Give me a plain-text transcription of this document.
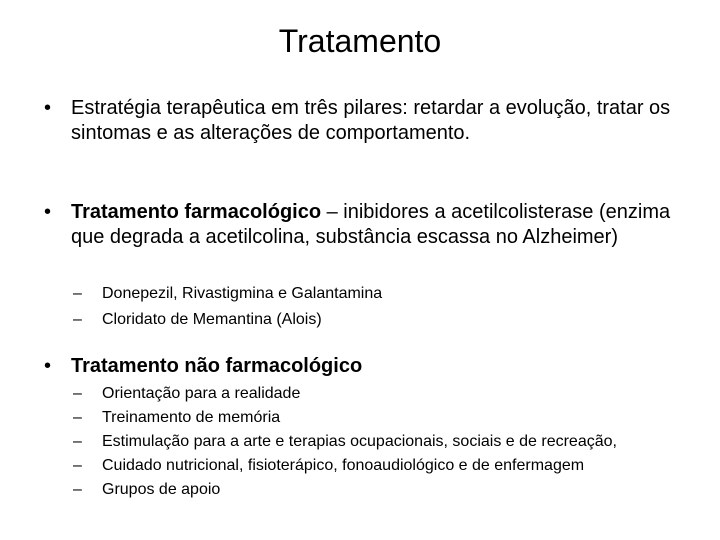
Tratamento
• Estratégia terapêutica em três pilares: retardar a evolução, tratar os sintomas e as alterações de comportamento.
• Tratamento farmacológico – inibidores a acetilcolisterase (enzima que degrada a acetilcolina, substância escassa no Alzheimer)
– Donepezil, Rivastigmina e Galantamina
– Cloridato de Memantina (Alois)
• Tratamento não farmacológico
– Orientação para a realidade
– Treinamento de memória
– Estimulação para a arte e terapias ocupacionais, sociais e de recreação,
– Cuidado nutricional, fisioterápico, fonoaudiológico e de enfermagem
– Grupos de apoio
